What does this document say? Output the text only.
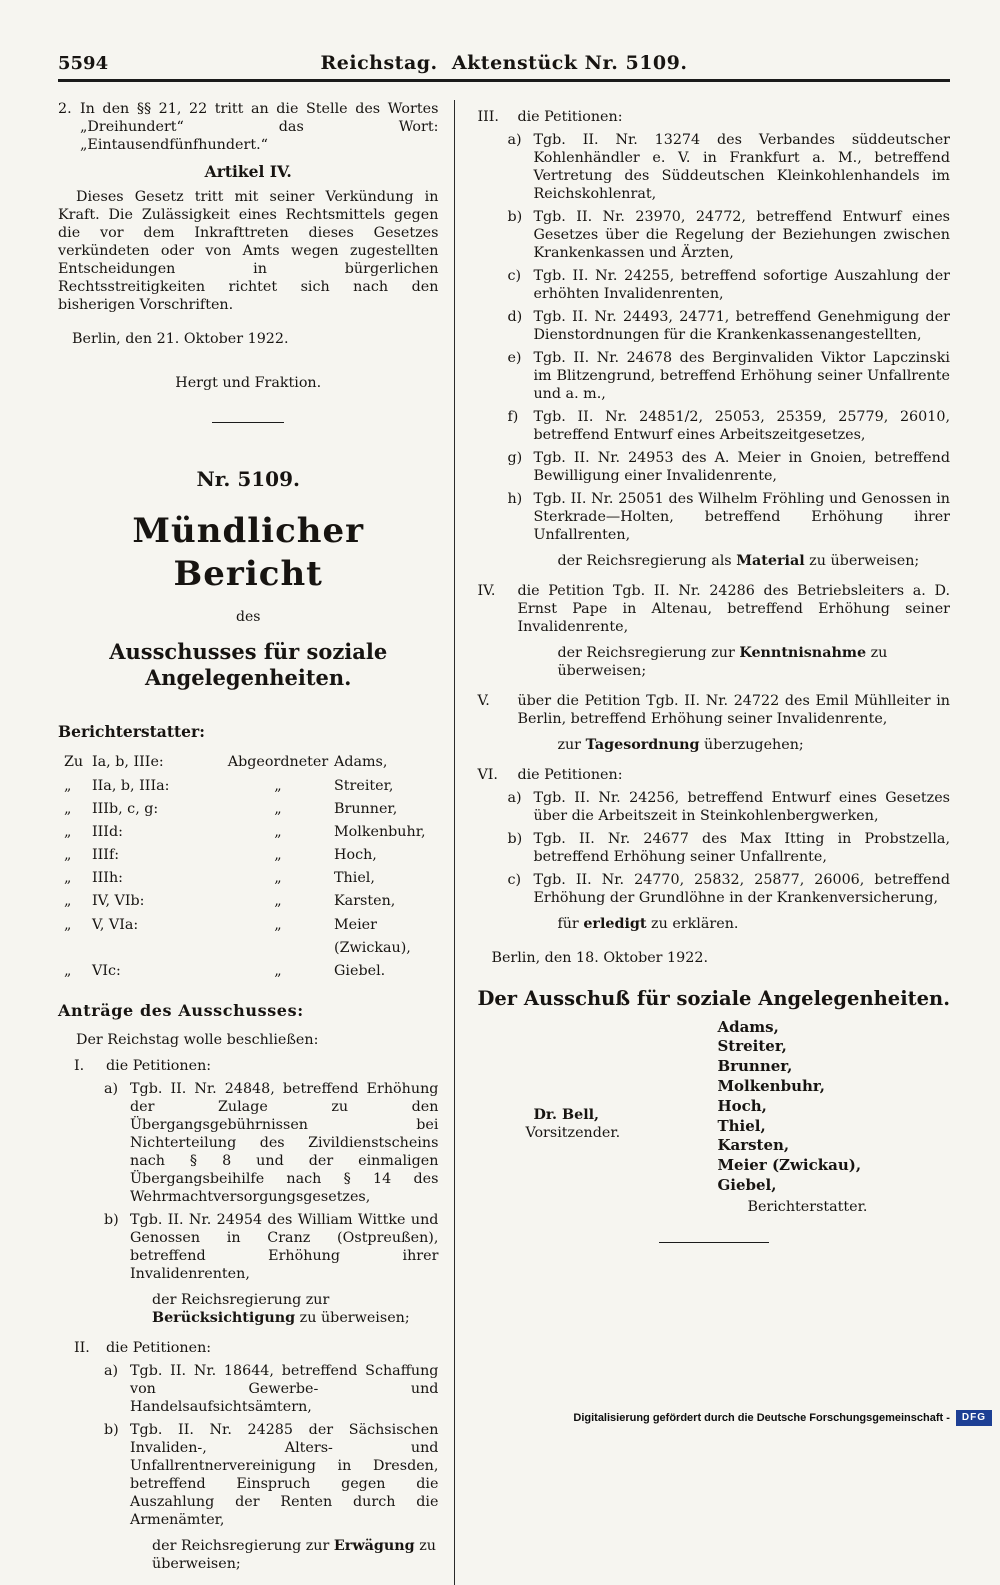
5594	Reichstag.  Aktenstück Nr. 5109.
2. In den §§ 21, 22 tritt an die Stelle des Wortes „Dreihundert“ das Wort: „Eintausendfünfhundert.“
Artikel IV.

Dieses Gesetz tritt mit seiner Verkündung in Kraft. Die Zulässigkeit eines Rechtsmittels gegen die vor dem Inkrafttreten dieses Gesetzes verkündeten oder von Amts wegen zugestellten Entscheidungen in bürgerlichen Rechtsstreitigkeiten richtet sich nach den bisherigen Vorschriften.

Berlin, den 21. Oktober 1922.

Hergt und Fraktion.

Nr. 5109.
Mündlicher Bericht
des
Ausschusses für soziale Angelegenheiten.
Berichterstatter:
Zu Ia, b, IIIe:	Abgeordneter Adams,
„	IIa, b, IIIa:	„	Streiter,
„	IIIb, c, g:	„	Brunner,
„	IIId:	„	Molkenbuhr,
„	IIIf:	„	Hoch,
„	IIIh:	„	Thiel,
„	IV, VIb:	„	Karsten,
„	V, VIa:	„	Meier (Zwickau),
„	VIc:	„	Giebel.
Anträge des Ausschusses:

Der Reichstag wolle beschließen:

I.	die Petitionen:
a) Tgb. II. Nr. 24848, betreffend Erhöhung der Zulage zu den Übergangsgebührnissen bei Nichterteilung des Zivildienstscheins nach § 8 und der einmaligen Übergangsbeihilfe nach § 14 des Wehrmachtversorgungsgesetzes,
b) Tgb. II. Nr. 24954 des William Wittke und Genossen in Cranz (Ostpreußen), betreffend Erhöhung ihrer Invalidenrenten,

der Reichsregierung zur Berücksichtigung zu überweisen;

II.	die Petitionen:
a) Tgb. II. Nr. 18644, betreffend Schaffung von Gewerbe- und Handelsaufsichtsämtern,
b) Tgb. II. Nr. 24285 der Sächsischen Invaliden-, Alters- und Unfallrentnervereinigung in Dresden, betreffend Einspruch gegen die Auszahlung der Renten durch die Armenämter,

der Reichsregierung zur Erwägung zu überweisen;

III.	die Petitionen:
a) Tgb. II. Nr. 13274 des Verbandes süddeutscher Kohlenhändler e. V. in Frankfurt a. M., betreffend Vertretung des Süddeutschen Kleinkohlenhandels im Reichskohlenrat,
b) Tgb. II. Nr. 23970, 24772, betreffend Entwurf eines Gesetzes über die Regelung der Beziehungen zwischen Krankenkassen und Ärzten,
c) Tgb. II. Nr. 24255, betreffend sofortige Auszahlung der erhöhten Invalidenrenten,
d) Tgb. II. Nr. 24493, 24771, betreffend Genehmigung der Dienstordnungen für die Krankenkassenangestellten,
e) Tgb. II. Nr. 24678 des Berginvaliden Viktor Lapczinski im Blitzengrund, betreffend Erhöhung seiner Unfallrente und a. m.,
f)	Tgb. II. Nr. 24851/2, 25053, 25359, 25779, 26010, betreffend Entwurf eines Arbeitszeitgesetzes,
g) Tgb. II. Nr. 24953 des A. Meier in Gnoien, betreffend Bewilligung einer Invalidenrente,
h) Tgb. II. Nr. 25051 des Wilhelm Fröhling und Genossen in Sterkrade—Holten, betreffend Erhöhung ihrer Unfallrenten,

der Reichsregierung als Material zu überweisen;

IV.	die Petition Tgb. II. Nr. 24286 des Betriebsleiters a. D. Ernst Pape in Altenau, betreffend Erhöhung seiner Invalidenrente,

der Reichsregierung zur Kenntnisnahme zu überweisen;

V.	über die Petition Tgb. II. Nr. 24722 des Emil Mühlleiter in Berlin, betreffend Erhöhung seiner Invalidenrente,

zur Tagesordnung überzugehen;

VI.	die Petitionen:
a) Tgb. II. Nr. 24256, betreffend Entwurf eines Gesetzes über die Arbeitszeit in Steinkohlenbergwerken,
b) Tgb. II. Nr. 24677 des Max Itting in Probstzella, betreffend Erhöhung seiner Unfallrente,
c) Tgb. II. Nr. 24770, 25832, 25877, 26006, betreffend Erhöhung der Grundlöhne in der Krankenversicherung,

für erledigt zu erklären.

Berlin, den 18. Oktober 1922.

Der Ausschuß für soziale Angelegenheiten.
Dr. Bell,
Vorsitzender.
Adams,
Streiter,
Brunner,
Molkenbuhr,
Hoch,
Thiel,
Karsten,
Meier (Zwickau),
Giebel,
Berichterstatter.
Digitalisierung gefördert durch die Deutsche Forschungsgemeinschaft -	DFG
